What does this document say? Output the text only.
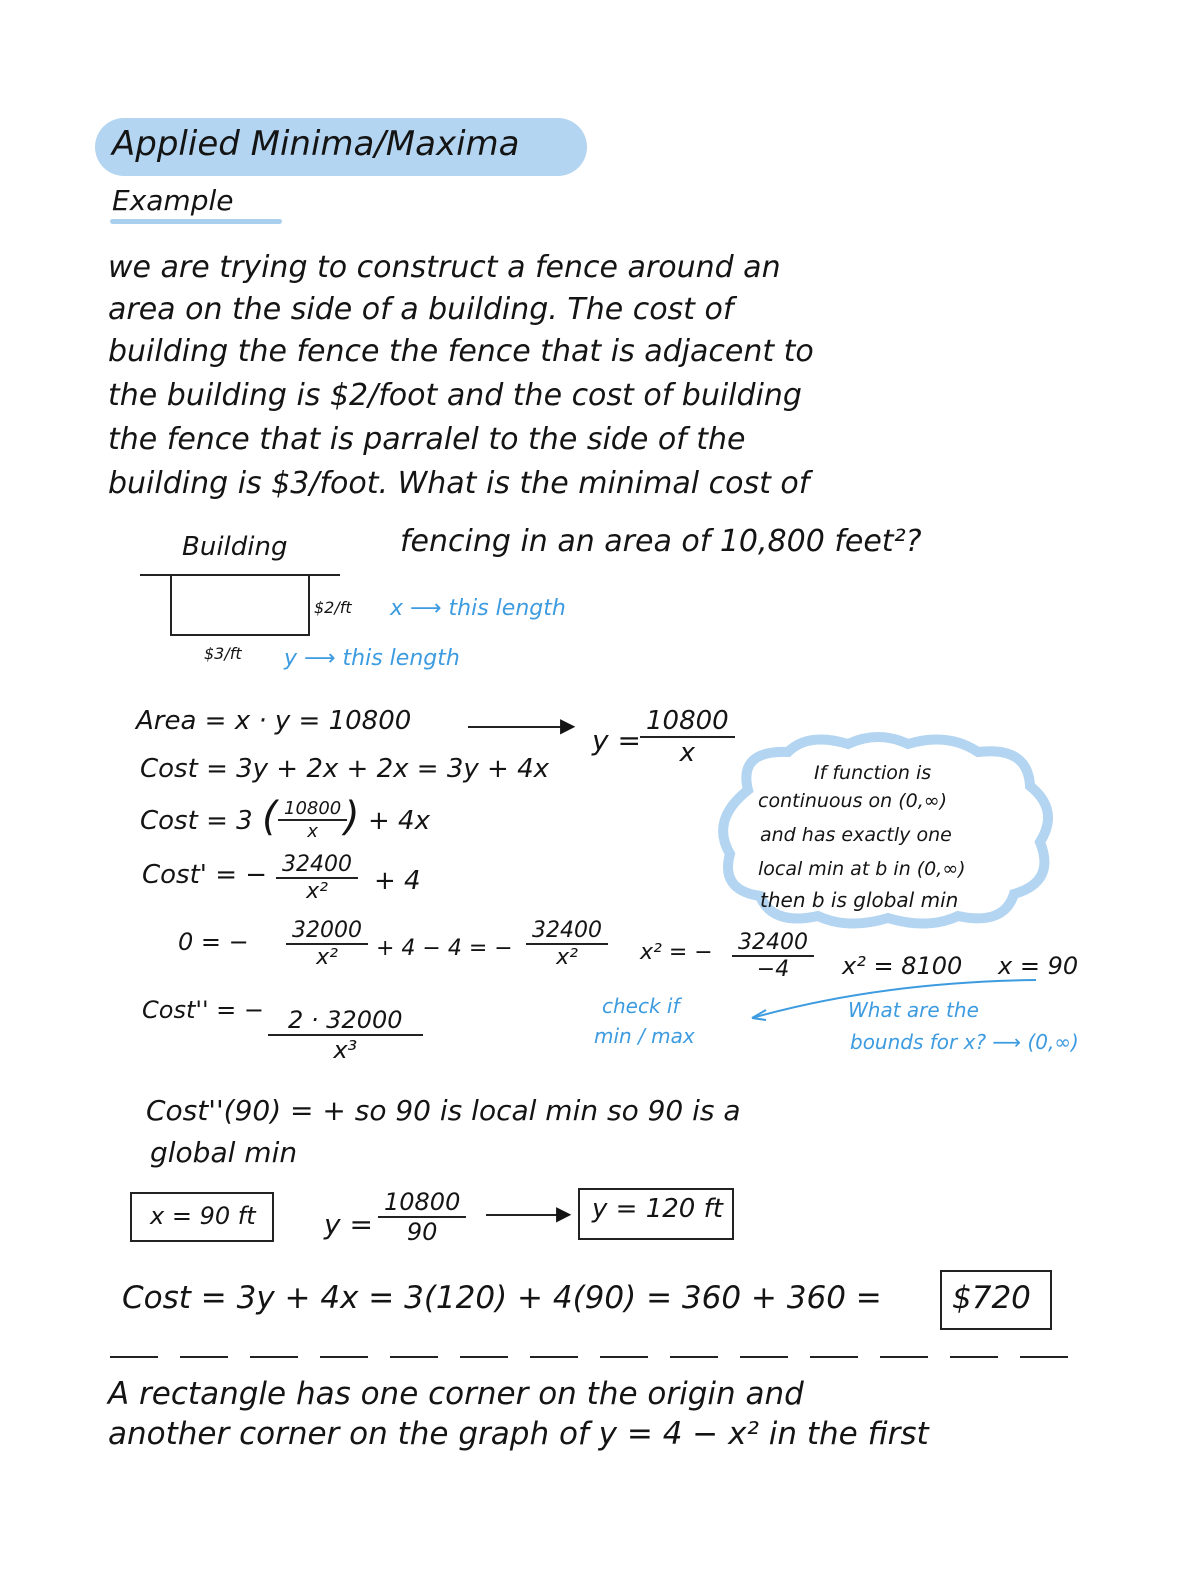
Applied Minima/Maxima
Example
we are trying to construct a fence around an
area on the side of a building. The cost of
building the fence the fence that is adjacent to
the building is $2/foot and the cost of building
the fence that is parralel to the side of the
building is $3/foot. What is the minimal cost of
Building	fencing in an area of 10,800 feet²?
$2/ft x ⟶ this length
$3/ft y ⟶ this length
Area = x · y = 10800	▶ $y = \frac{10800}{x}$
Cost = 3y + 2x + 2x = 3y + 4x
Cost = 3 ( $\frac{10800}{x}$
) + 4x
Cost' = − $\frac{32400}{\text{x²}} + 4$
0 = − $\frac{32000}{\text{x²}} + 4 - 4$ = − $\frac{32400}{\text{x²}} x^2$ = − $\frac{32400}{-4} x^2 = 8100$ x = 90
Cost'' = − $\frac{2 \cdot 32000}{\text{x³}}$	check if
min / max
What are the
bounds for x? ⟶ (0,∞)
If function is
continuous on (0,∞)
and has exactly one
local min at b in (0,∞)
then b is global min
Cost''(90) = + so 90 is local min so 90 is a
global min
x = 90 ft $y = \frac{10800}{90}$	▶ y = 120 ft
Cost = 3y + 4x = 3(120) + 4(90) = 360 + 360 = $720
A rectangle has one corner on the origin and
another corner on the graph of y = 4 − x² in the first
